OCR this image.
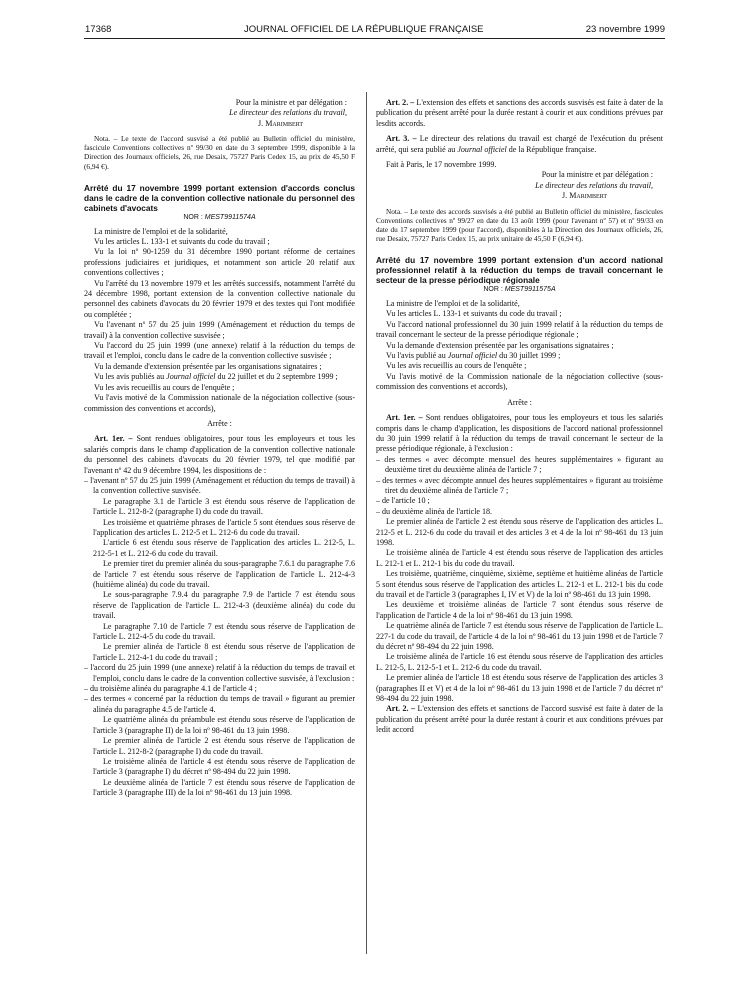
17368	JOURNAL OFFICIEL DE LA RÉPUBLIQUE FRANÇAISE	23 novembre 1999

Pour la ministre et par délégation :

Le directeur des relations du travail,

J. Marimbert

Nota. – Le texte de l'accord susvisé a été publié au Bulletin officiel du ministère, fascicule Conventions collectives nº 99/30 en date du 3 septembre 1999, disponible à la Direction des Journaux officiels, 26, rue Desaix, 75727 Paris Cedex 15, au prix de 45,50 F (6,94 €).

Arrêté du 17 novembre 1999 portant extension d'accords conclus dans le cadre de la convention collective nationale du personnel des cabinets d'avocats

NOR : MEST9911574A

La ministre de l'emploi et de la solidarité,

Vu les articles L. 133-1 et suivants du code du travail ;

Vu la loi nº 90-1259 du 31 décembre 1990 portant réforme de certaines professions judiciaires et juridiques, et notamment son article 20 relatif aux conventions collectives ;

Vu l'arrêté du 13 novembre 1979 et les arrêtés successifs, notamment l'arrêté du 24 décembre 1998, portant extension de la convention collective nationale du personnel des cabinets d'avocats du 20 février 1979 et des textes qui l'ont modifiée ou complétée ;

Vu l'avenant nº 57 du 25 juin 1999 (Aménagement et réduction du temps de travail) à la convention collective susvisée ;

Vu l'accord du 25 juin 1999 (une annexe) relatif à la réduction du temps de travail et l'emploi, conclu dans le cadre de la convention collective susvisée ;

Vu la demande d'extension présentée par les organisations signataires ;

Vu les avis publiés au Journal officiel du 22 juillet et du 2 septembre 1999 ;

Vu les avis recueillis au cours de l'enquête ;

Vu l'avis motivé de la Commission nationale de la négociation collective (sous-commission des conventions et accords),

Arrête :

Art. 1er. – Sont rendues obligatoires, pour tous les employeurs et tous les salariés compris dans le champ d'application de la convention collective nationale du personnel des cabinets d'avocats du 20 février 1979, tel que modifié par l'avenant nº 42 du 9 décembre 1994, les dispositions de :

– l'avenant nº 57 du 25 juin 1999 (Aménagement et réduction du temps de travail) à la convention collective susvisée.

Le paragraphe 3.1 de l'article 3 est étendu sous réserve de l'application de l'article L. 212-8-2 (paragraphe I) du code du travail.

Les troisième et quatrième phrases de l'article 5 sont étendues sous réserve de l'application des articles L. 212-5 et L. 212-6 du code du travail.

L'article 6 est étendu sous réserve de l'application des articles L. 212-5, L. 212-5-1 et L. 212-6 du code du travail.

Le premier tiret du premier alinéa du sous-paragraphe 7.6.1 du paragraphe 7.6 de l'article 7 est étendu sous réserve de l'application de l'article L. 212-4-3 (huitième alinéa) du code du travail.

Le sous-paragraphe 7.9.4 du paragraphe 7.9 de l'article 7 est étendu sous réserve de l'application de l'article L. 212-4-3 (deuxième alinéa) du code du travail.

Le paragraphe 7.10 de l'article 7 est étendu sous réserve de l'application de l'article L. 212-4-5 du code du travail.

Le premier alinéa de l'article 8 est étendu sous réserve de l'application de l'article L. 212-4-1 du code du travail ;

– l'accord du 25 juin 1999 (une annexe) relatif à la réduction du temps de travail et l'emploi, conclu dans le cadre de la convention collective susvisée, à l'exclusion :

– du troisième alinéa du paragraphe 4.1 de l'article 4 ;

– des termes « concerné par la réduction du temps de travail » figurant au premier alinéa du paragraphe 4.5 de l'article 4.

Le quatrième alinéa du préambule est étendu sous réserve de l'application de l'article 3 (paragraphe II) de la loi nº 98-461 du 13 juin 1998.

Le premier alinéa de l'article 2 est étendu sous réserve de l'application de l'article L. 212-8-2 (paragraphe I) du code du travail.

Le troisième alinéa de l'article 4 est étendu sous réserve de l'application de l'article 3 (paragraphe I) du décret nº 98-494 du 22 juin 1998.

Le deuxième alinéa de l'article 7 est étendu sous réserve de l'application de l'article 3 (paragraphe III) de la loi nº 98-461 du 13 juin 1998.

Art. 2. – L'extension des effets et sanctions des accords susvisés est faite à dater de la publication du présent arrêté pour la durée restant à courir et aux conditions prévues par lesdits accords.

Art. 3. – Le directeur des relations du travail est chargé de l'exécution du présent arrêté, qui sera publié au Journal officiel de la République française.

Fait à Paris, le 17 novembre 1999.

Pour la ministre et par délégation :

Le directeur des relations du travail,

J. Marimbert

Nota. – Le texte des accords susvisés a été publié au Bulletin officiel du ministère, fascicules Conventions collectives nº 99/27 en date du 13 août 1999 (pour l'avenant nº 57) et nº 99/33 en date du 17 septembre 1999 (pour l'accord), disponibles à la Direction des Journaux officiels, 26, rue Desaix, 75727 Paris Cedex 15, au prix unitaire de 45,50 F (6,94 €).

Arrêté du 17 novembre 1999 portant extension d'un accord national professionnel relatif à la réduction du temps de travail concernant le secteur de la presse périodique régionale

NOR : MEST9911575A

La ministre de l'emploi et de la solidarité,

Vu les articles L. 133-1 et suivants du code du travail ;

Vu l'accord national professionnel du 30 juin 1999 relatif à la réduction du temps de travail concernant le secteur de la presse périodique régionale ;

Vu la demande d'extension présentée par les organisations signataires ;

Vu l'avis publié au Journal officiel du 30 juillet 1999 ;

Vu les avis recueillis au cours de l'enquête ;

Vu l'avis motivé de la Commission nationale de la négociation collective (sous-commission des conventions et accords),

Arrête :

Art. 1er. – Sont rendues obligatoires, pour tous les employeurs et tous les salariés compris dans le champ d'application, les dispositions de l'accord national professionnel du 30 juin 1999 relatif à la réduction du temps de travail concernant le secteur de la presse périodique régionale, à l'exclusion :

– des termes « avec décompte mensuel des heures supplémentaires » figurant au deuxième tiret du deuxième alinéa de l'article 7 ;

– des termes « avec décompte annuel des heures supplémentaires » figurant au troisième tiret du deuxième alinéa de l'article 7 ;

– de l'article 10 ;

– du deuxième alinéa de l'article 18.

Le premier alinéa de l'article 2 est étendu sous réserve de l'application des articles L. 212-5 et L. 212-6 du code du travail et des articles 3 et 4 de la loi nº 98-461 du 13 juin 1998.

Le troisième alinéa de l'article 4 est étendu sous réserve de l'application des articles L. 212-1 et L. 212-1 bis du code du travail.

Les troisième, quatrième, cinquième, sixième, septième et huitième alinéas de l'article 5 sont étendus sous réserve de l'application des articles L. 212-1 et L. 212-1 bis du code du travail et de l'article 3 (paragraphes I, IV et V) de la loi nº 98-461 du 13 juin 1998.

Les deuxième et troisième alinéas de l'article 7 sont étendus sous réserve de l'application de l'article 4 de la loi nº 98-461 du 13 juin 1998.

Le quatrième alinéa de l'article 7 est étendu sous réserve de l'application de l'article L. 227-1 du code du travail, de l'article 4 de la loi nº 98-461 du 13 juin 1998 et de l'article 7 du décret nº 98-494 du 22 juin 1998.

Le troisième alinéa de l'article 16 est étendu sous réserve de l'application des articles L. 212-5, L. 212-5-1 et L. 212-6 du code du travail.

Le premier alinéa de l'article 18 est étendu sous réserve de l'application des articles 3 (paragraphes II et V) et 4 de la loi nº 98-461 du 13 juin 1998 et de l'article 7 du décret nº 98-494 du 22 juin 1998.

Art. 2. – L'extension des effets et sanctions de l'accord susvisé est faite à dater de la publication du présent arrêté pour la durée restant à courir et aux conditions prévues par ledit accord
